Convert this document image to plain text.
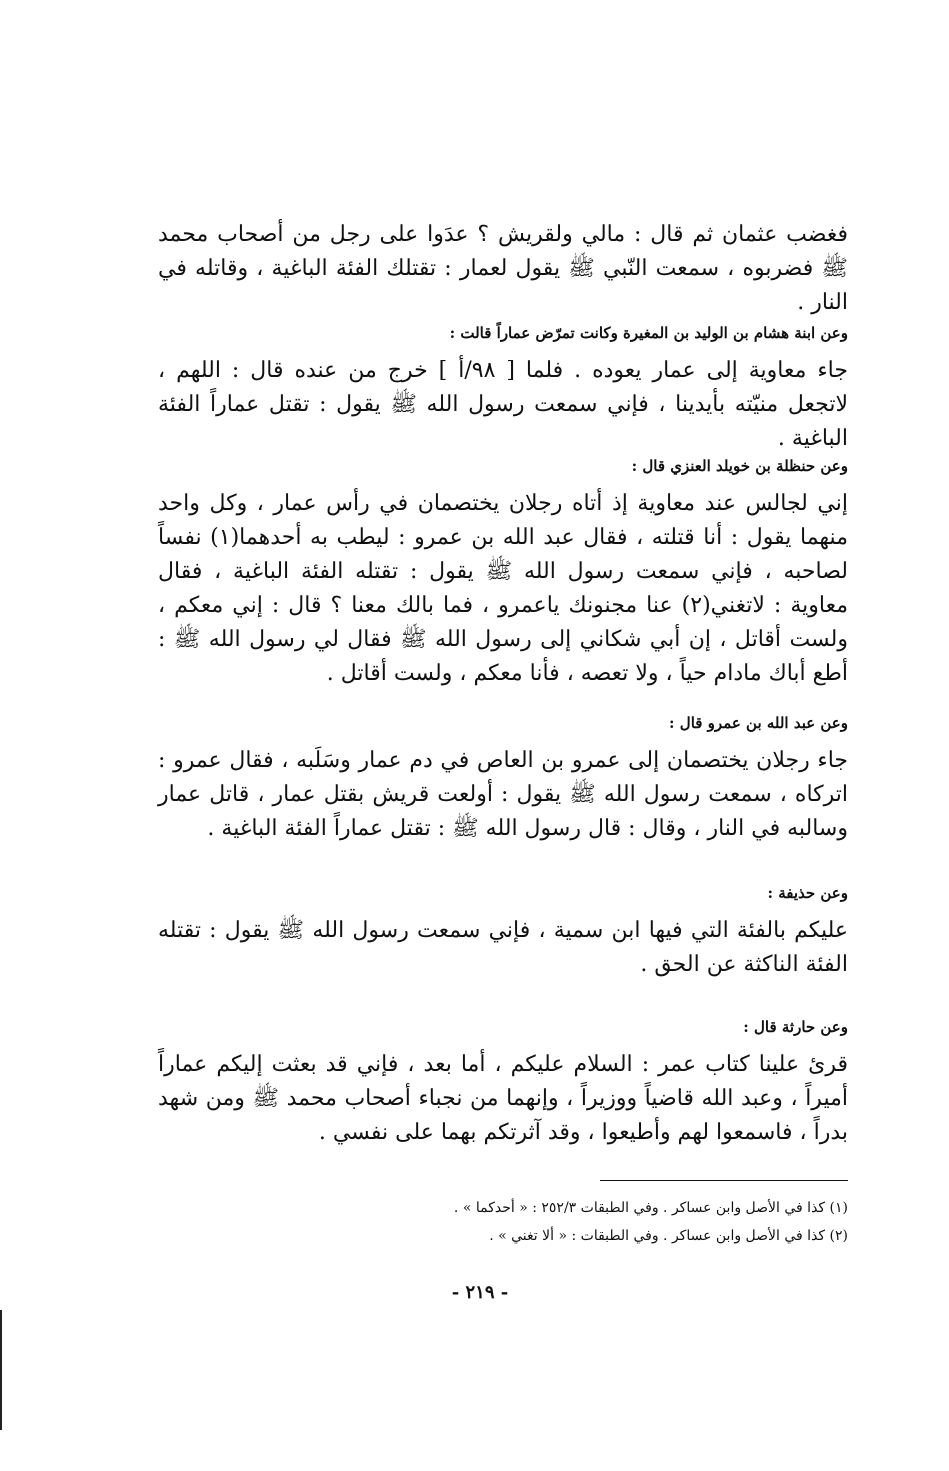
فغضب عثمان ثم قال : مالي ولقريش ؟ عدَوا على رجل من أصحاب محمد ﷺ فضربوه ، سمعت النّبي ﷺ يقول لعمار : تقتلك الفئة الباغية ، وقاتله في النار .

وعن ابنة هشام بن الوليد بن المغيرة وكانت تمرّض عماراً قالت :

جاء معاوية إلى عمار يعوده . فلما [ ٩٨/أ ] خرج من عنده قال : اللهم ، لاتجعل منيّته بأيدينا ، فإني سمعت رسول الله ﷺ يقول : تقتل عماراً الفئة الباغية .

وعن حنظلة بن خويلد العنزي قال :

إني لجالس عند معاوية إذ أتاه رجلان يختصمان في رأس عمار ، وكل واحد منهما يقول : أنا قتلته ، فقال عبد الله بن عمرو : ليطب به أحدهما(١) نفساً لصاحبه ، فإني سمعت رسول الله ﷺ يقول : تقتله الفئة الباغية ، فقال معاوية : لاتغني(٢) عنا مجنونك ياعمرو ، فما بالك معنا ؟ قال : إني معكم ، ولست أقاتل ، إن أبي شكاني إلى رسول الله ﷺ فقال لي رسول الله ﷺ : أطع أباك مادام حياً ، ولا تعصه ، فأنا معكم ، ولست أقاتل .

وعن عبد الله بن عمرو قال :

جاء رجلان يختصمان إلى عمرو بن العاص في دم عمار وسَلَبه ، فقال عمرو : اتركاه ، سمعت رسول الله ﷺ يقول : أولعت قريش بقتل عمار ، قاتل عمار وسالبه في النار ، وقال : قال رسول الله ﷺ : تقتل عماراً الفئة الباغية .

وعن حذيفة :

عليكم بالفئة التي فيها ابن سمية ، فإني سمعت رسول الله ﷺ يقول : تقتله الفئة الناكثة عن الحق .

وعن حارثة قال :

قرئ علينا كتاب عمر : السلام عليكم ، أما بعد ، فإني قد بعثت إليكم عماراً أميراً ، وعبد الله قاضياً ووزيراً ، وإنهما من نجباء أصحاب محمد ﷺ ومن شهد بدراً ، فاسمعوا لهم وأطيعوا ، وقد آثرتكم بهما على نفسي .

(١) كذا في الأصل وابن عساكر . وفي الطبقات ٢٥٢/٣ : « أحدكما » .

(٢) كذا في الأصل وابن عساكر . وفي الطبقات : « ألا تغني » .

- ٢١٩ -
